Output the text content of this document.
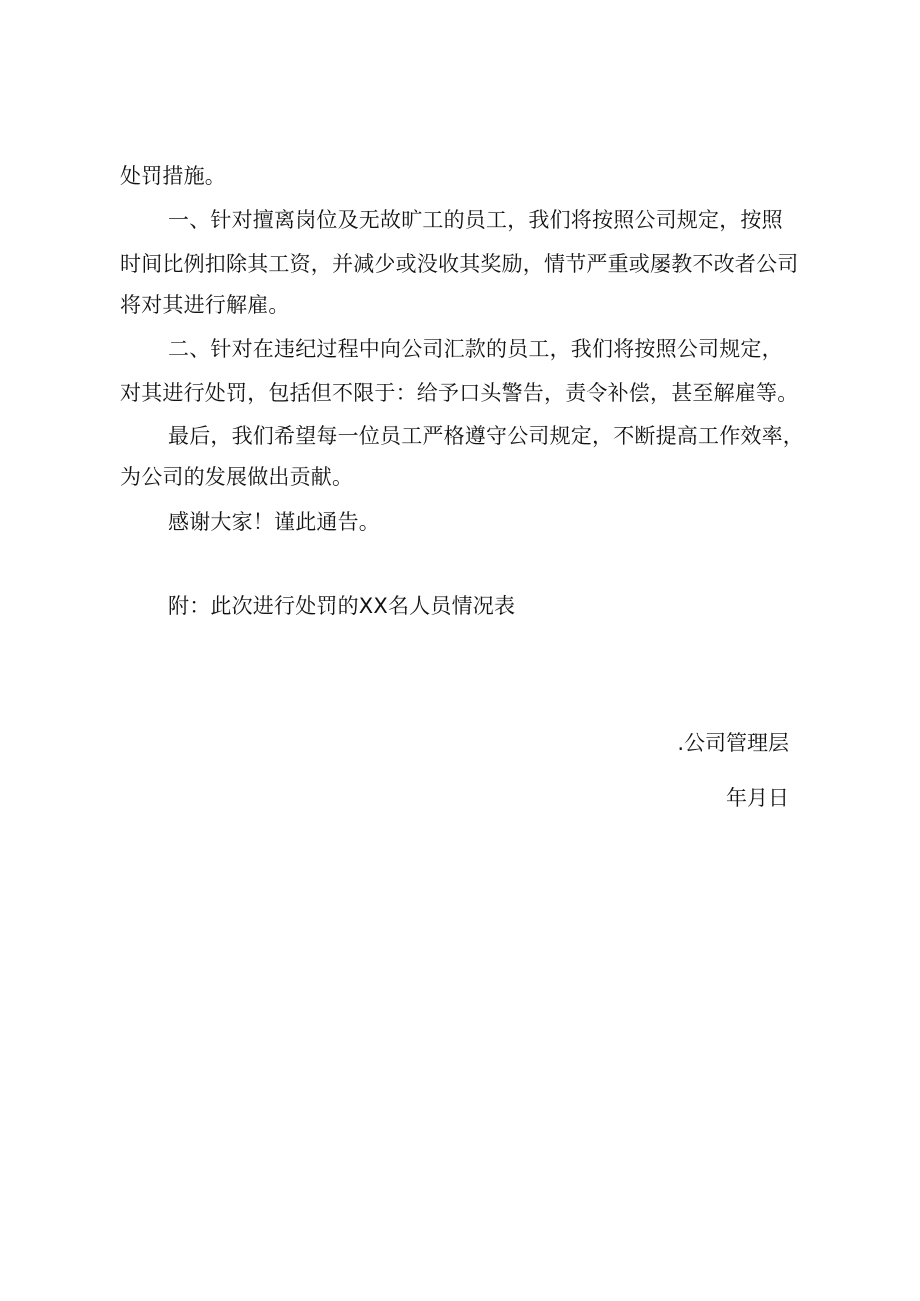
处罚措施。
一、针对擅离岗位及无故旷工的员工，我们将按照公司规定，按照
时间比例扣除其工资，并减少或没收其奖励，情节严重或屡教不改者公司
将对其进行解雇。
二、针对在违纪过程中向公司汇款的员工，我们将按照公司规定，
对其进行处罚，包括但不限于：给予口头警告，责令补偿，甚至解雇等。
最后，我们希望每一位员工严格遵守公司规定，不断提高工作效率，
为公司的发展做出贡献。
感谢大家！谨此通告。
附：此次进行处罚的XX名人员情况表
.公司管理层
年月日
